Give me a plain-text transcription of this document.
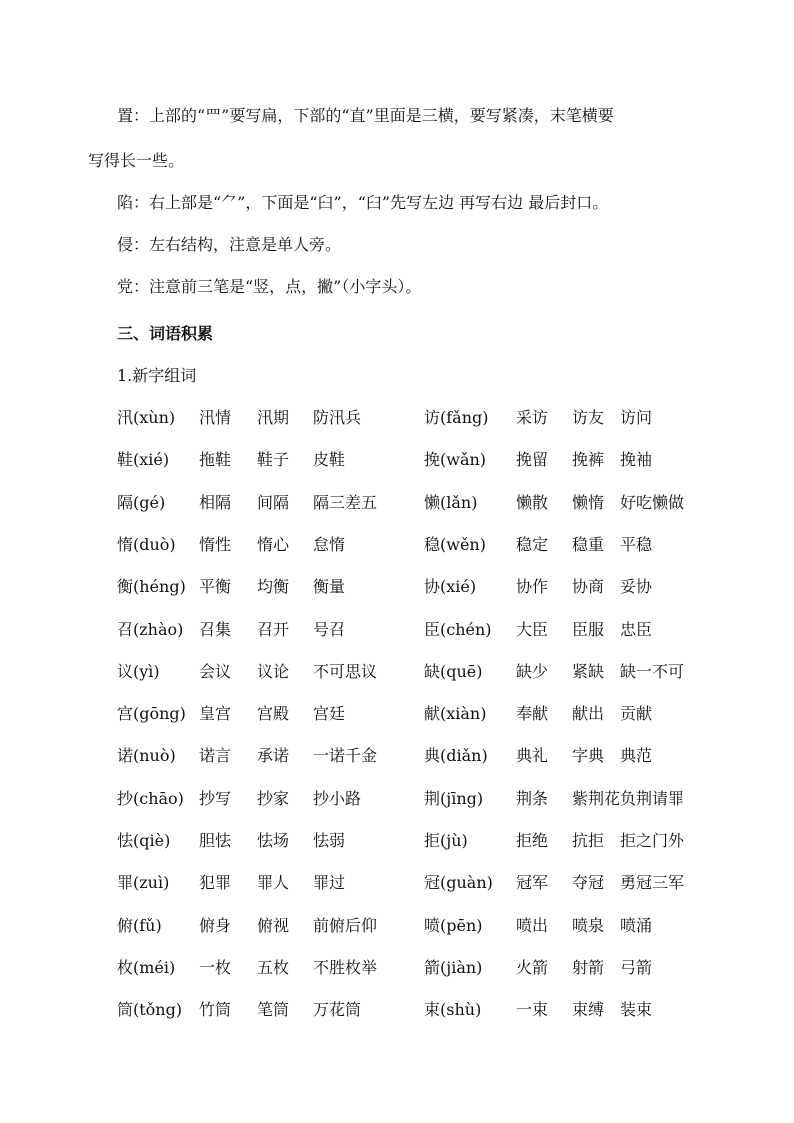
置：上部的“罒”要写扁，下部的“直”里面是三横，要写紧凑，末笔横要
写得长一些。
陷：右上部是“⺈”，下面是“臼”，“臼”先写左边 再写右边 最后封口。
侵：左右结构，注意是单人旁。
党：注意前三笔是“竖，点，撇”（小字头）。
三、词语积累
1.新字组词
汛(xùn) 汛情 汛期 防汛兵
鞋(xié) 拖鞋 鞋子 皮鞋
隔(gé) 相隔 间隔 隔三差五
惰(duò) 惰性 惰心 怠惰
衡(héng) 平衡 均衡 衡量
召(zhào) 召集 召开 号召
议(yì) 会议 议论 不可思议
宫(gōng) 皇宫 宫殿 宫廷
诺(nuò) 诺言 承诺 一诺千金
抄(chāo) 抄写 抄家 抄小路
怯(qiè) 胆怯 怯场 怯弱
罪(zuì) 犯罪 罪人 罪过
俯(fǔ) 俯身 俯视 前俯后仰
枚(méi) 一枚 五枚 不胜枚举
筒(tǒng) 竹筒 笔筒 万花筒
访(fǎng) 采访 访友 访问
挽(wǎn) 挽留 挽裤 挽袖
懒(lǎn) 懒散 懒惰 好吃懒做
稳(wěn) 稳定 稳重 平稳
协(xié) 协作 协商 妥协
臣(chén) 大臣 臣服 忠臣
缺(quē) 缺少 紧缺 缺一不可
献(xiàn) 奉献 献出 贡献
典(diǎn) 典礼 字典 典范
荆(jīng) 荆条 紫荆花 负荆请罪
拒(jù)	拒绝 抗拒 拒之门外
冠(guàn) 冠军 夺冠 勇冠三军
喷(pēn) 喷出 喷泉 喷涌
箭(jiàn) 火箭 射箭 弓箭
束(shù) 一束 束缚 装束
